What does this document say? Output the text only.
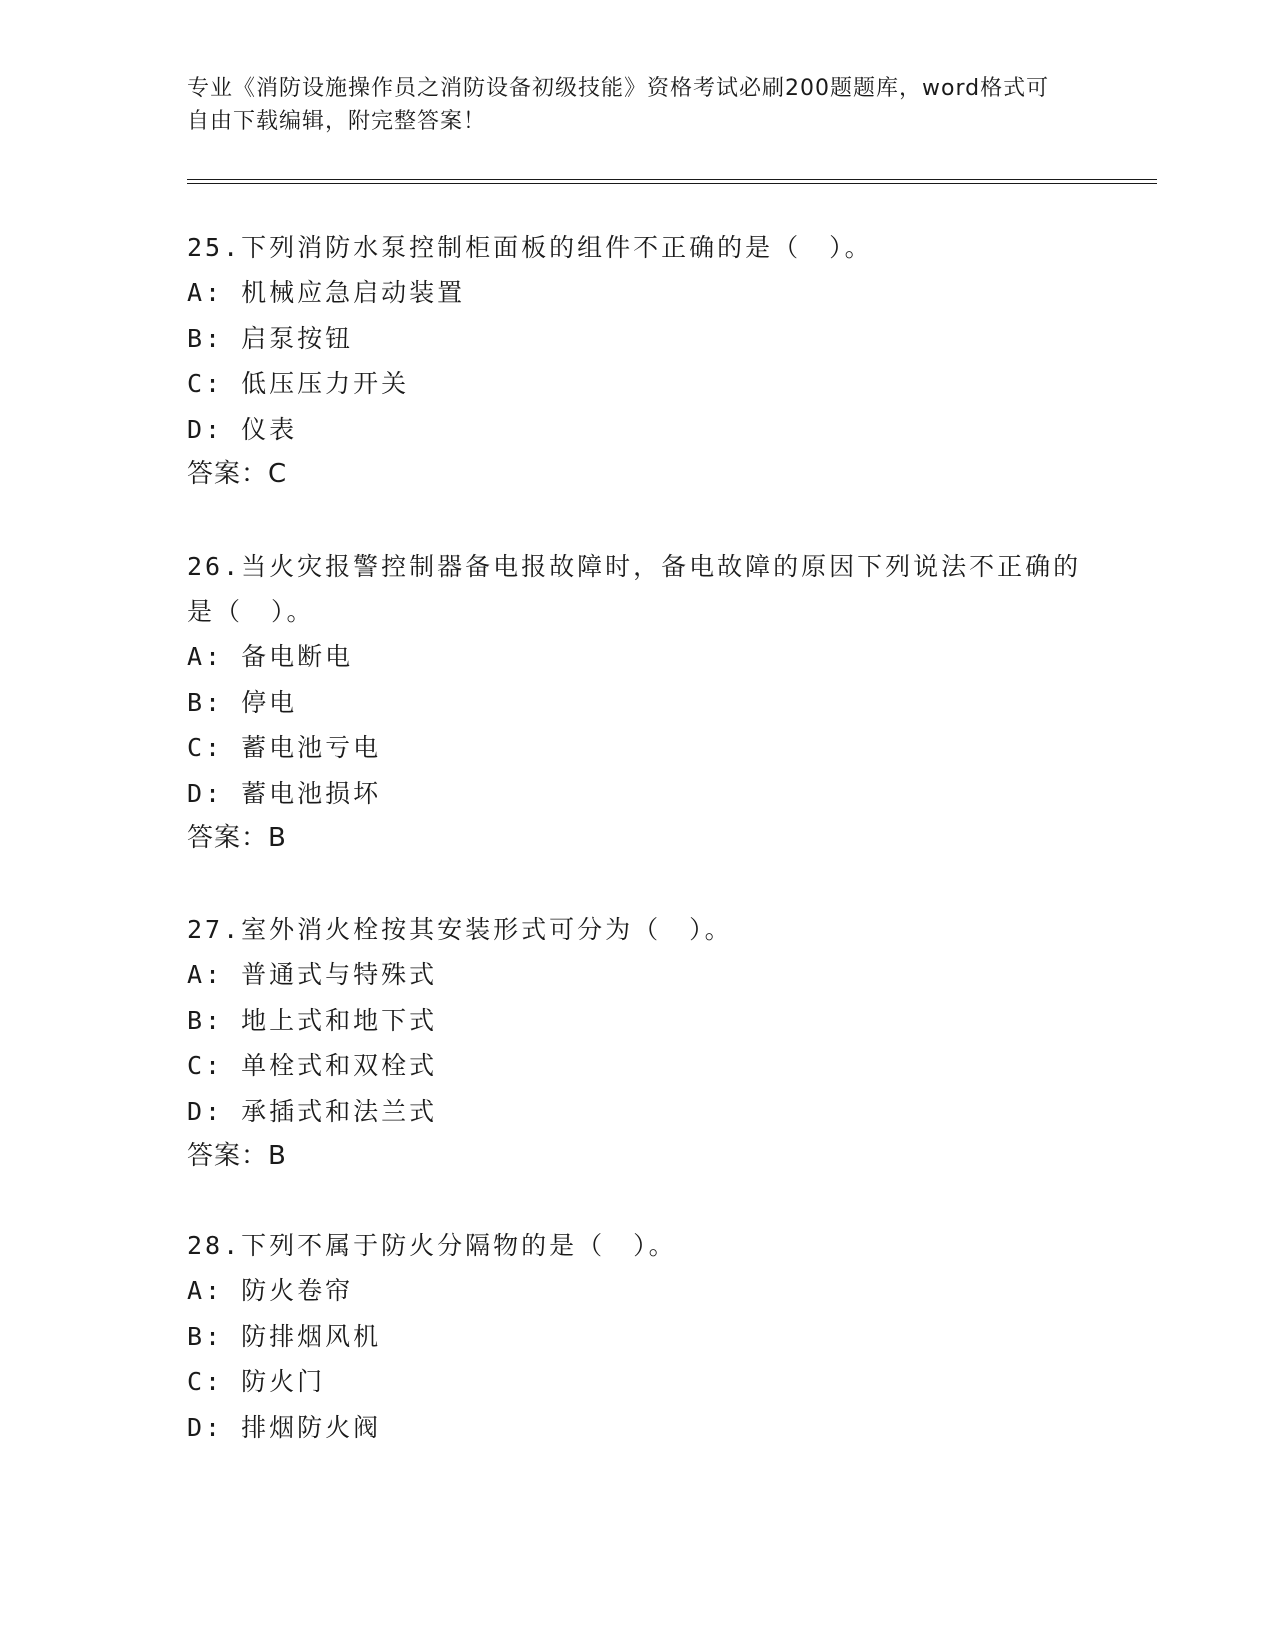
专业《消防设施操作员之消防设备初级技能》资格考试必刷200题题库，word格式可自由下载编辑，附完整答案！

25.下列消防水泵控制柜面板的组件不正确的是（　）。

A: 机械应急启动装置

B: 启泵按钮

C: 低压压力开关

D: 仪表

答案：C

26.当火灾报警控制器备电报故障时，备电故障的原因下列说法不正确的是（　）。

A: 备电断电

B: 停电

C: 蓄电池亏电

D: 蓄电池损坏

答案：B

27.室外消火栓按其安装形式可分为（　）。

A: 普通式与特殊式

B: 地上式和地下式

C: 单栓式和双栓式

D: 承插式和法兰式

答案：B

28.下列不属于防火分隔物的是（　）。

A: 防火卷帘

B: 防排烟风机

C: 防火门

D: 排烟防火阀
